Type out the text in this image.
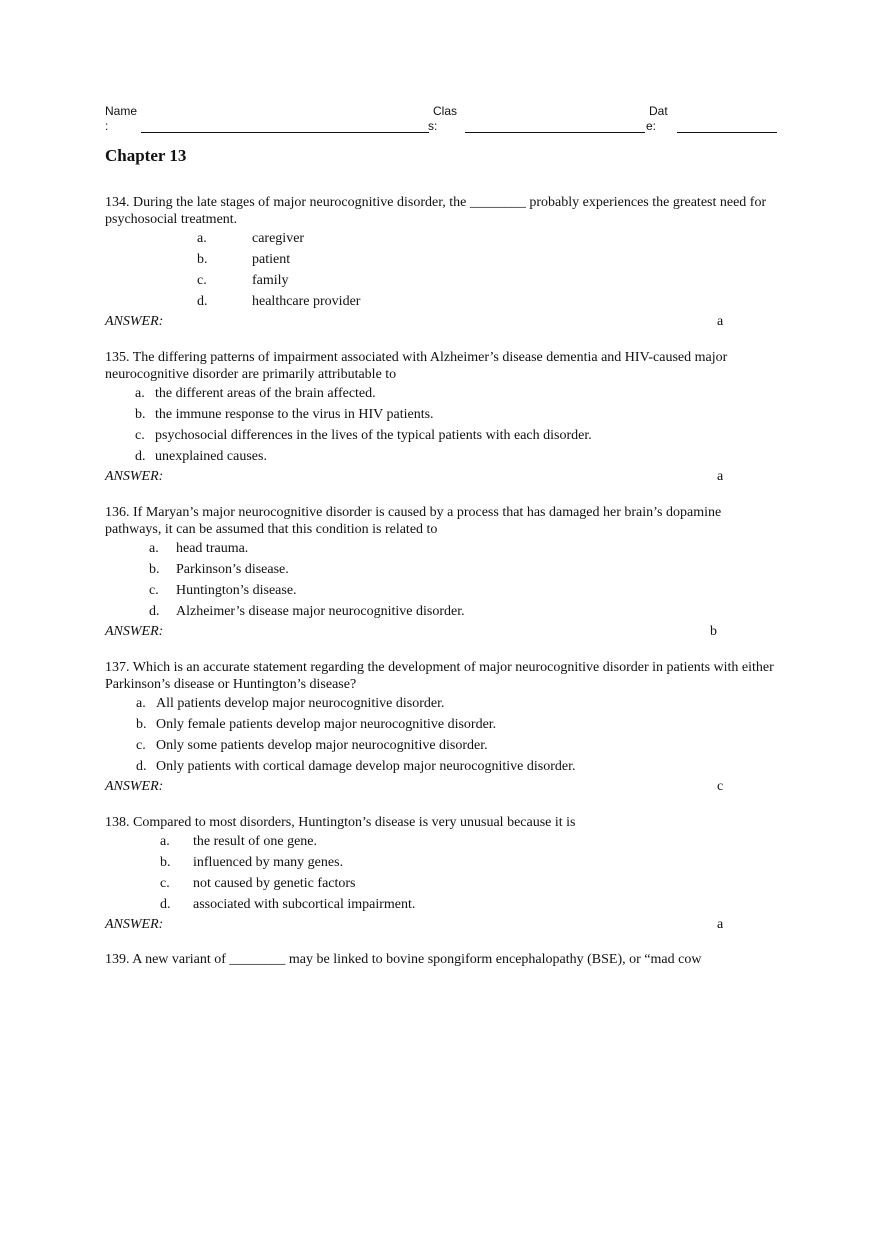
Name
:
Clas
s:
Dat
e:
Chapter 13

134. During the late stages of major neurocognitive disorder, the ________ probably experiences the greatest need for psychosocial treatment.

a.	caregiver
b.	patient
c.	family
d.	healthcare provider
ANSWER:	a

135. The differing patterns of impairment associated with Alzheimer’s disease dementia and HIV-caused major neurocognitive disorder are primarily attributable to

a. the different areas of the brain affected.
b. the immune response to the virus in HIV patients.
c. psychosocial differences in the lives of the typical patients with each disorder.
d. unexplained causes.
ANSWER:	a

136. If Maryan’s major neurocognitive disorder is caused by a process that has damaged her brain’s dopamine pathways, it can be assumed that this condition is related to

a. head trauma.
b. Parkinson’s disease.
c. Huntington’s disease.
d. Alzheimer’s disease major neurocognitive disorder.
ANSWER:	b

137. Which is an accurate statement regarding the development of major neurocognitive disorder in patients with either Parkinson’s disease or Huntington’s disease?

a. All patients develop major neurocognitive disorder.
b. Only female patients develop major neurocognitive disorder.
c. Only some patients develop major neurocognitive disorder.
d. Only patients with cortical damage develop major neurocognitive disorder.
ANSWER:	c

138. Compared to most disorders, Huntington’s disease is very unusual because it is

a. the result of one gene.
b. influenced by many genes.
c. not caused by genetic factors
d. associated with subcortical impairment.
ANSWER:	a

139. A new variant of ________ may be linked to bovine spongiform encephalopathy (BSE), or “mad cow
